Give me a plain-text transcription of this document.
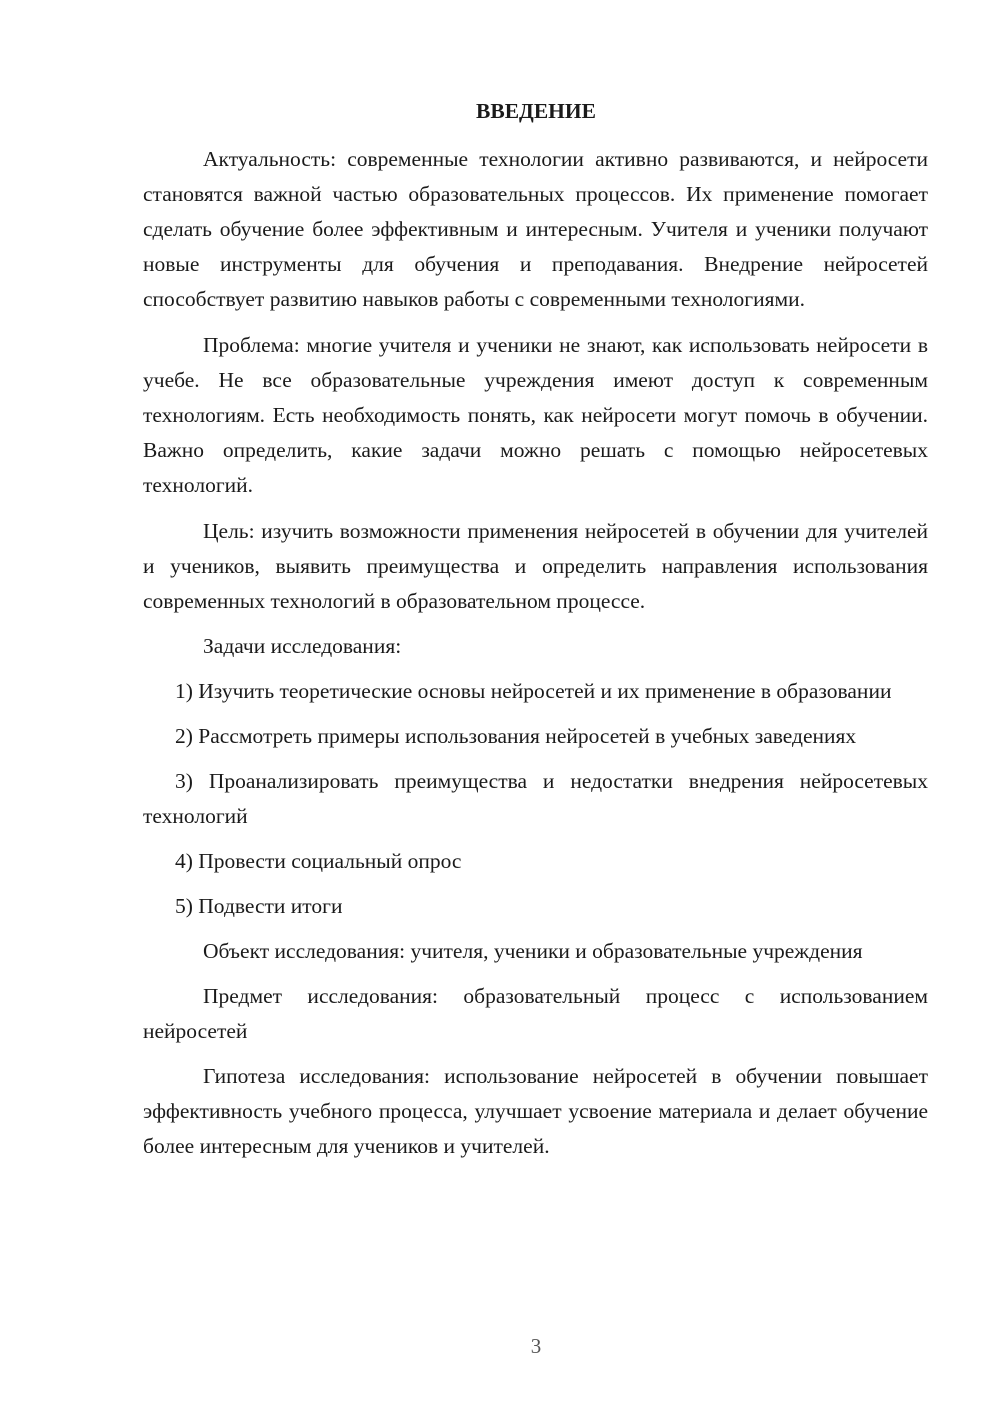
ВВЕДЕНИЕ

Актуальность: современные технологии активно развиваются, и нейросети становятся важной частью образовательных процессов. Их применение помогает сделать обучение более эффективным и интересным. Учителя и ученики получают новые инструменты для обучения и преподавания. Внедрение нейросетей способствует развитию навыков работы с современными технологиями.

Проблема: многие учителя и ученики не знают, как использовать нейросети в учебе. Не все образовательные учреждения имеют доступ к современным технологиям. Есть необходимость понять, как нейросети могут помочь в обучении. Важно определить, какие задачи можно решать с помощью нейросетевых технологий.

Цель: изучить возможности применения нейросетей в обучении для учителей и учеников, выявить преимущества и определить направления использования современных технологий в образовательном процессе.

Задачи исследования:

1) Изучить теоретические основы нейросетей и их применение в образовании

2) Рассмотреть примеры использования нейросетей в учебных заведениях

3) Проанализировать преимущества и недостатки внедрения нейросетевых технологий

4) Провести социальный опрос

5) Подвести итоги

Объект исследования: учителя, ученики и образовательные учреждения

Предмет исследования: образовательный процесс с использованием нейросетей

Гипотеза исследования: использование нейросетей в обучении повышает эффективность учебного процесса, улучшает усвоение материала и делает обучение более интересным для учеников и учителей.

3
